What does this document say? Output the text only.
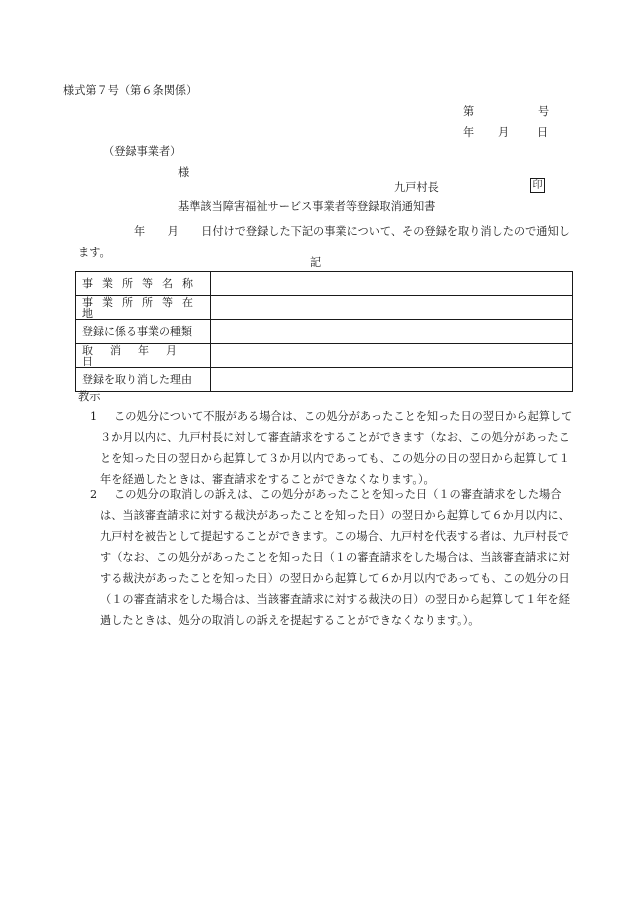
様式第７号（第６条関係）
第	号
年 月 日
（登録事業者）
様
九戸村長	印
基準該当障害福祉サービス事業者等登録取消通知書
年　　月　　日付けで登録した下記の事業について、その登録を取り消したので通知します。
記
事業所等名称	
事業所所等在地	
登録に係る事業の種類	
取消年月日	
登録を取り消した理由	
教示
1	この処分について不服がある場合は、この処分があったことを知った日の翌日から起算して３か月以内に、九戸村長に対して審査請求をすることができます（なお、この処分があったことを知った日の翌日から起算して３か月以内であっても、この処分の日の翌日から起算して１年を経過したときは、審査請求をすることができなくなります。）。
2	この処分の取消しの訴えは、この処分があったことを知った日（１の審査請求をした場合は、当該審査請求に対する裁決があったことを知った日）の翌日から起算して６か月以内に、九戸村を被告として提起することができます。この場合、九戸村を代表する者は、九戸村長です（なお、この処分があったことを知った日（１の審査請求をした場合は、当該審査請求に対する裁決があったことを知った日）の翌日から起算して６か月以内であっても、この処分の日（１の審査請求をした場合は、当該審査請求に対する裁決の日）の翌日から起算して１年を経過したときは、処分の取消しの訴えを提起することができなくなります。）。
